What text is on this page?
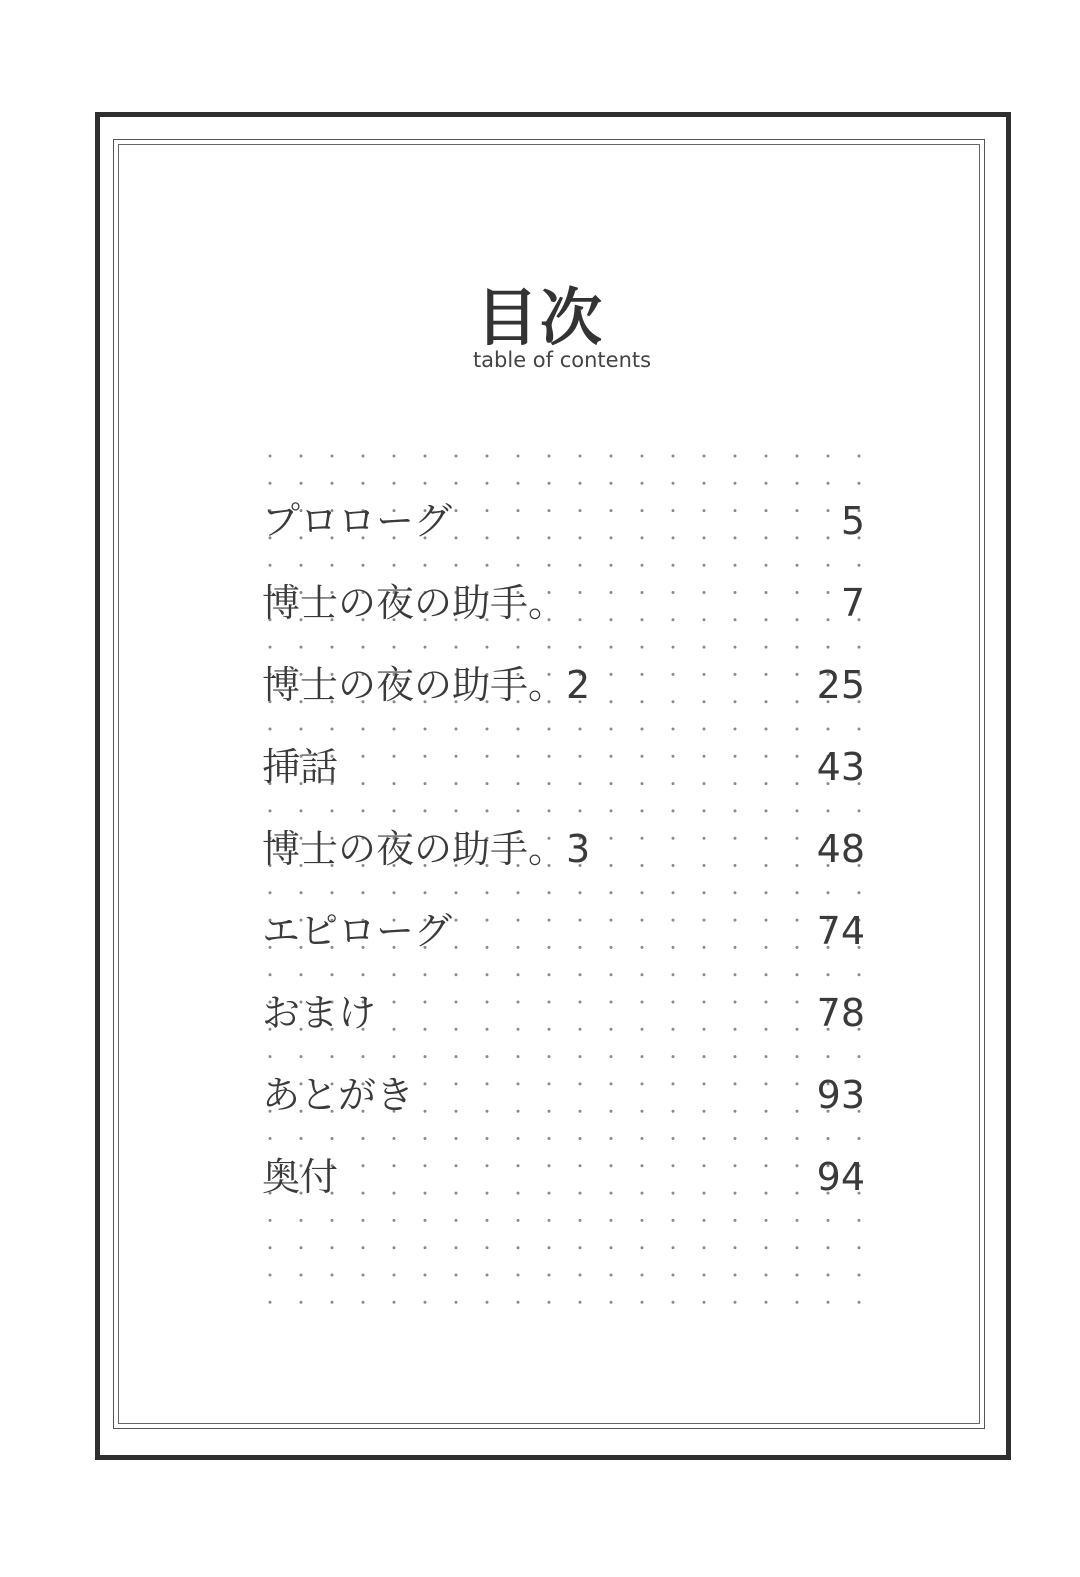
目次
table of contents
プロローグ	5
博士の夜の助手。	7
博士の夜の助手。2	25
挿話	43
博士の夜の助手。3	48
エピローグ	74
おまけ	78
あとがき	93
奥付	94
